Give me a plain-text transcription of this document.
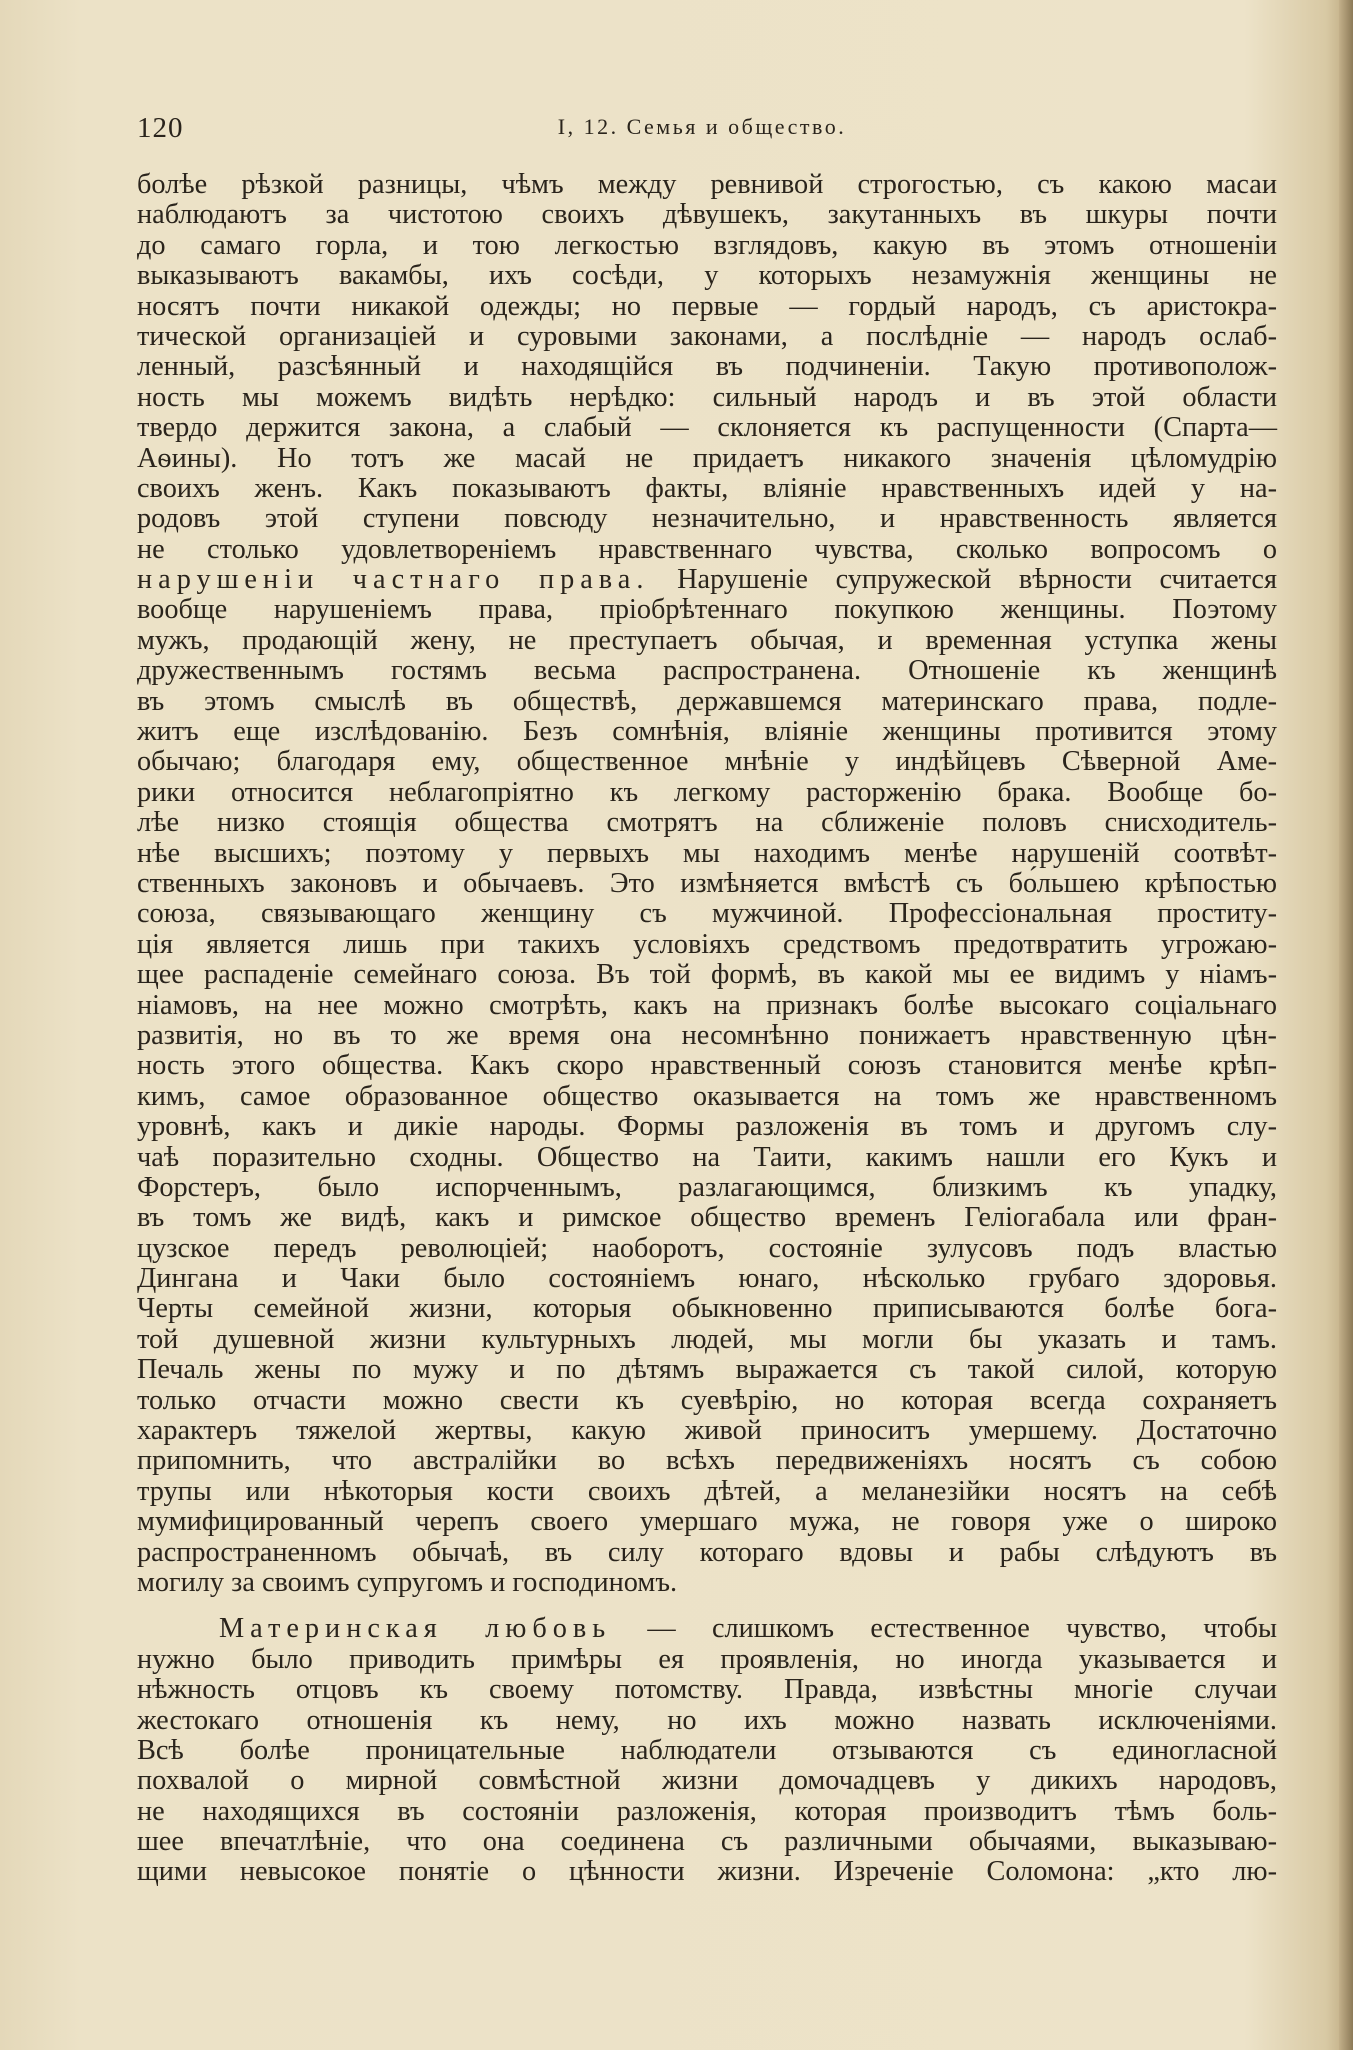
120	I, 12. Семья и общество.
болѣе рѣзкой разницы, чѣмъ между ревнивой строгостью, съ какою масаи
наблюдаютъ за чистотою своихъ дѣвушекъ, закутанныхъ въ шкуры почти
до самаго горла, и тою легкостью взглядовъ, какую въ этомъ отношеніи
выказываютъ вакамбы, ихъ сосѣди, у которыхъ незамужнія женщины не
носятъ почти никакой одежды; но первые — гордый народъ, съ аристокра-
тической организаціей и суровыми законами, а послѣдніе — народъ ослаб-
ленный, разсѣянный и находящійся въ подчиненіи. Такую противополож-
ность мы можемъ видѣть нерѣдко: сильный народъ и въ этой области
твердо держится закона, а слабый — склоняется къ распущенности (Спарта—
Аѳины). Но тотъ же масай не придаетъ никакого значенія цѣломудрію
своихъ женъ. Какъ показываютъ факты, вліяніе нравственныхъ идей у на-
родовъ этой ступени повсюду незначительно, и нравственность является
не столько удовлетвореніемъ нравственнаго чувства, сколько вопросомъ о
нарушеніи частнаго права. Нарушеніе супружеской вѣрности считается
вообще нарушеніемъ права, пріобрѣтеннаго покупкою женщины. Поэтому
мужъ, продающій жену, не преступаетъ обычая, и временная уступка жены
дружественнымъ гостямъ весьма распространена. Отношеніе къ женщинѣ
въ этомъ смыслѣ въ обществѣ, державшемся материнскаго права, подле-
житъ еще изслѣдованію. Безъ сомнѣнія, вліяніе женщины противится этому
обычаю; благодаря ему, общественное мнѣніе у индѣйцевъ Сѣверной Аме-
рики относится неблагопріятно къ легкому расторженію брака. Вообще бо-
лѣе низко стоящія общества смотрятъ на сближеніе половъ снисходитель-
нѣе высшихъ; поэтому у первыхъ мы находимъ менѣе нарушеній соотвѣт-
ственныхъ законовъ и обычаевъ. Это измѣняется вмѣстѣ съ бо́льшею крѣпостью
союза, связывающаго женщину съ мужчиной. Профессіональная проститу-
ція является лишь при такихъ условіяхъ средствомъ предотвратить угрожаю-
щее распаденіе семейнаго союза. Въ той формѣ, въ какой мы ее видимъ у ніамъ-
ніамовъ, на нее можно смотрѣть, какъ на признакъ болѣе высокаго соціальнаго
развитія, но въ то же время она несомнѣнно понижаетъ нравственную цѣн-
ность этого общества. Какъ скоро нравственный союзъ становится менѣе крѣп-
кимъ, самое образованное общество оказывается на томъ же нравственномъ
уровнѣ, какъ и дикіе народы. Формы разложенія въ томъ и другомъ слу-
чаѣ поразительно сходны. Общество на Таити, какимъ нашли его Кукъ и
Форстеръ, было испорченнымъ, разлагающимся, близкимъ къ упадку,
въ томъ же видѣ, какъ и римское общество временъ Геліогабала или фран-
цузское передъ революціей; наоборотъ, состояніе зулусовъ подъ властью
Дингана и Чаки было состояніемъ юнаго, нѣсколько грубаго здоровья.
Черты семейной жизни, которыя обыкновенно приписываются болѣе бога-
той душевной жизни культурныхъ людей, мы могли бы указать и тамъ.
Печаль жены по мужу и по дѣтямъ выражается съ такой силой, которую
только отчасти можно свести къ суевѣрію, но которая всегда сохраняетъ
характеръ тяжелой жертвы, какую живой приноситъ умершему. Достаточно
припомнить, что австралійки во всѣхъ передвиженіяхъ носятъ съ собою
трупы или нѣкоторыя кости своихъ дѣтей, а меланезійки носятъ на себѣ
мумифицированный черепъ своего умершаго мужа, не говоря уже о широко
распространенномъ обычаѣ, въ силу котораго вдовы и рабы слѣдуютъ въ
могилу за своимъ супругомъ и господиномъ.
Материнская любовь — слишкомъ естественное чувство, чтобы
нужно было приводить примѣры ея проявленія, но иногда указывается и
нѣжность отцовъ къ своему потомству. Правда, извѣстны многіе случаи
жестокаго отношенія къ нему, но ихъ можно назвать исключеніями.
Всѣ болѣе проницательные наблюдатели отзываются съ единогласной
похвалой о мирной совмѣстной жизни домочадцевъ у дикихъ народовъ,
не находящихся въ состояніи разложенія, которая производитъ тѣмъ боль-
шее впечатлѣніе, что она соединена съ различными обычаями, выказываю-
щими невысокое понятіе о цѣнности жизни. Изреченіе Соломона: „кто лю-
